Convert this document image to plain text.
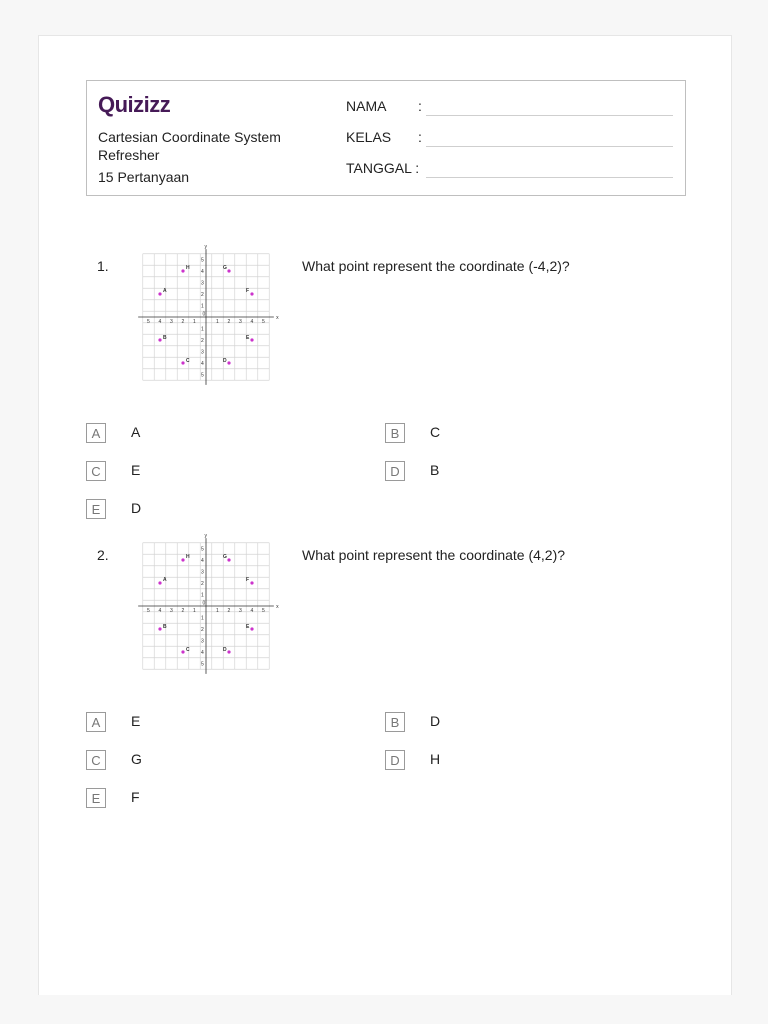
Quizizz
Cartesian Coordinate System Refresher
15 Pertanyaan
NAMA :
KELAS :
TANGGAL :
1.
x
y
5
5
4
4
3
3
2
2
1
1
0
1
1
2
2
3
3
4
4
5
5
H	G
F
A
B	E
C	D
What point represent the coordinate (-4,2)?
A	A	B	C
C	E	D	B
E	D
2.
x
y
5
5
4
4
3
3
2
2
1
1
0
1
1
2
2
3
3
4
4
5
5
H	G
F
A
B	E
C	D
What point represent the coordinate (4,2)?
A	E	B	D
C	G	D	H
E	F
